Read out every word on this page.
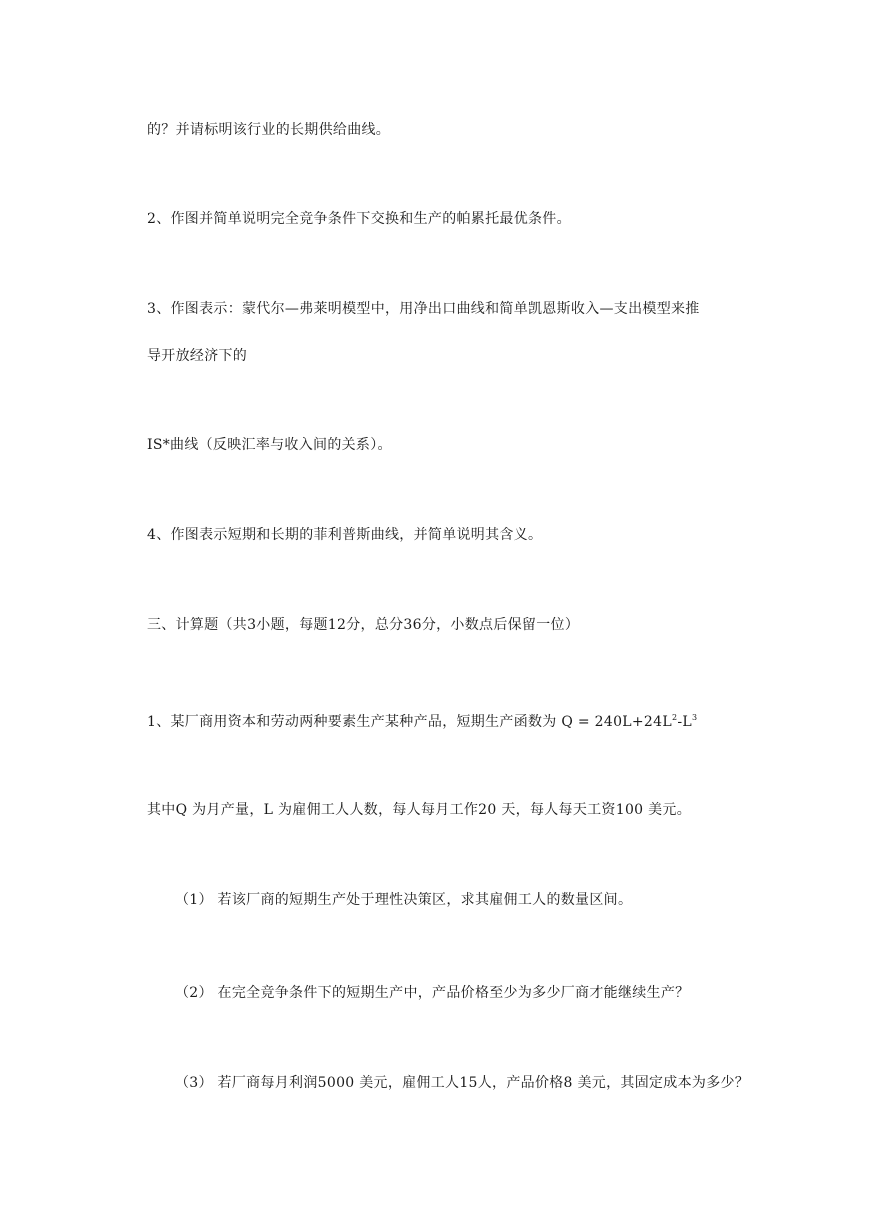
的？并请标明该行业的长期供给曲线。
2、作图并简单说明完全竞争条件下交换和生产的帕累托最优条件。
3、作图表示：蒙代尔—弗莱明模型中，用净出口曲线和简单凯恩斯收入—支出模型来推
导开放经济下的
IS*曲线（反映汇率与收入间的关系）。
4、作图表示短期和长期的菲利普斯曲线，并简单说明其含义。
三、计算题（共3小题，每题12分，总分36分，小数点后保留一位）
1、某厂商用资本和劳动两种要素生产某种产品，短期生产函数为 $Q = 240L+24L^2-L^3$
其中Q 为月产量，L 为雇佣工人人数，每人每月工作20 天，每人每天工资100 美元。
（1） 若该厂商的短期生产处于理性决策区，求其雇佣工人的数量区间。
（2） 在完全竞争条件下的短期生产中，产品价格至少为多少厂商才能继续生产？
（3） 若厂商每月利润5000 美元，雇佣工人15人，产品价格8 美元，其固定成本为多少？
